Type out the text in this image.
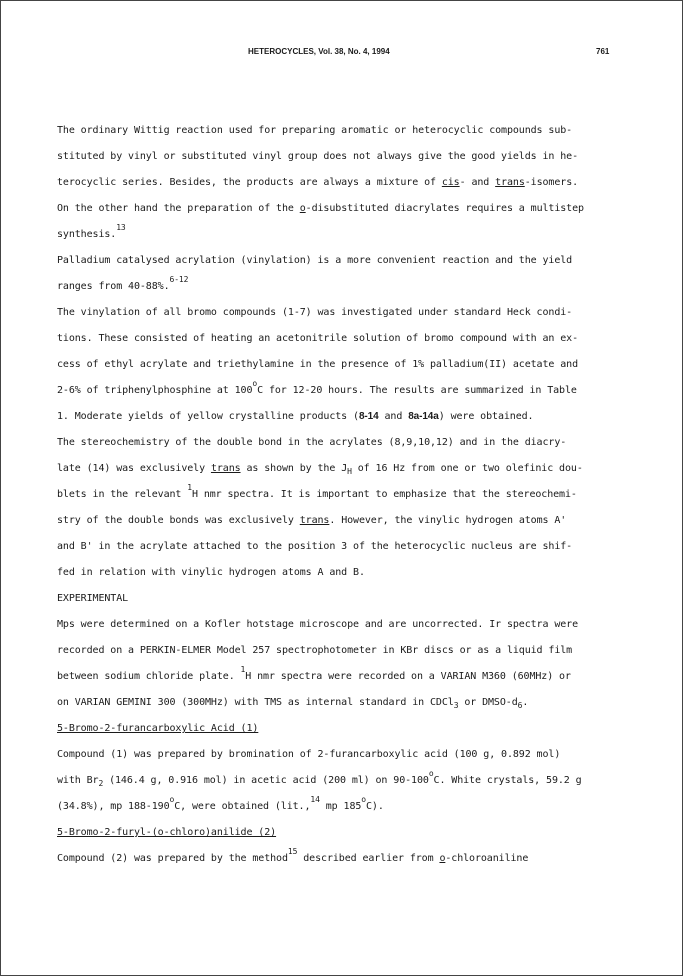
HETEROCYCLES, Vol. 38, No. 4, 1994	761

The ordinary Wittig reaction used for preparing aromatic or heterocyclic compounds sub-
stituted by vinyl or substituted vinyl group does not always give the good yields in he-
terocyclic series. Besides, the products are always a mixture of cis- and trans-isomers.
On the other hand the preparation of the o-disubstituted diacrylates requires a multistep
synthesis.$^{13}$

Palladium catalysed acrylation (vinylation) is a more convenient reaction and the yield
ranges from 40-88%.$^{6-12}$

The vinylation of all bromo compounds (1-7) was investigated under standard Heck condi-
tions. These consisted of heating an acetonitrile solution of bromo compound with an ex-
cess of ethyl acrylate and triethylamine in the presence of 1% palladium(II) acetate and
2-6% of triphenylphosphine at 100$^o$C for 12-20 hours. The results are summarized in Table
1. Moderate yields of yellow crystalline products (8-14 and 8a-14a) were obtained.

The stereochemistry of the double bond in the acrylates (8,9,10,12) and in the diacry-
late (14) was exclusively trans as shown by the $J_H$ of 16 Hz from one or two olefinic dou-
blets in the relevant $^1$H nmr spectra. It is important to emphasize that the stereochemi-
stry of the double bonds was exclusively trans. However, the vinylic hydrogen atoms A'
and B' in the acrylate attached to the position 3 of the heterocyclic nucleus are shif-
fed in relation with vinylic hydrogen atoms A and B.

EXPERIMENTAL

Mps were determined on a Kofler hotstage microscope and are uncorrected. Ir spectra were
recorded on a PERKIN-ELMER Model 257 spectrophotometer in KBr discs or as a liquid film
between sodium chloride plate. $^1$H nmr spectra were recorded on a VARIAN M360 (60MHz) or
on VARIAN GEMINI 300 (300MHz) with TMS as internal standard in CDCl$_3$ or DMSO-$d_6$.

5-Bromo-2-furancarboxylic Acid (1)

Compound (1) was prepared by bromination of 2-furancarboxylic acid (100 g, 0.892 mol)
with $Br_2$ (146.4 g, 0.916 mol) in acetic acid (200 ml) on 90-100$^o$C. White crystals, 59.2 g
(34.8%), mp 188-190$^o$C, were obtained (lit.,$^{14}$ mp 185$^o$C).

5-Bromo-2-furyl-(o-chloro)anilide (2)

Compound (2) was prepared by the method$^{15}$ described earlier from o-chloroaniline
